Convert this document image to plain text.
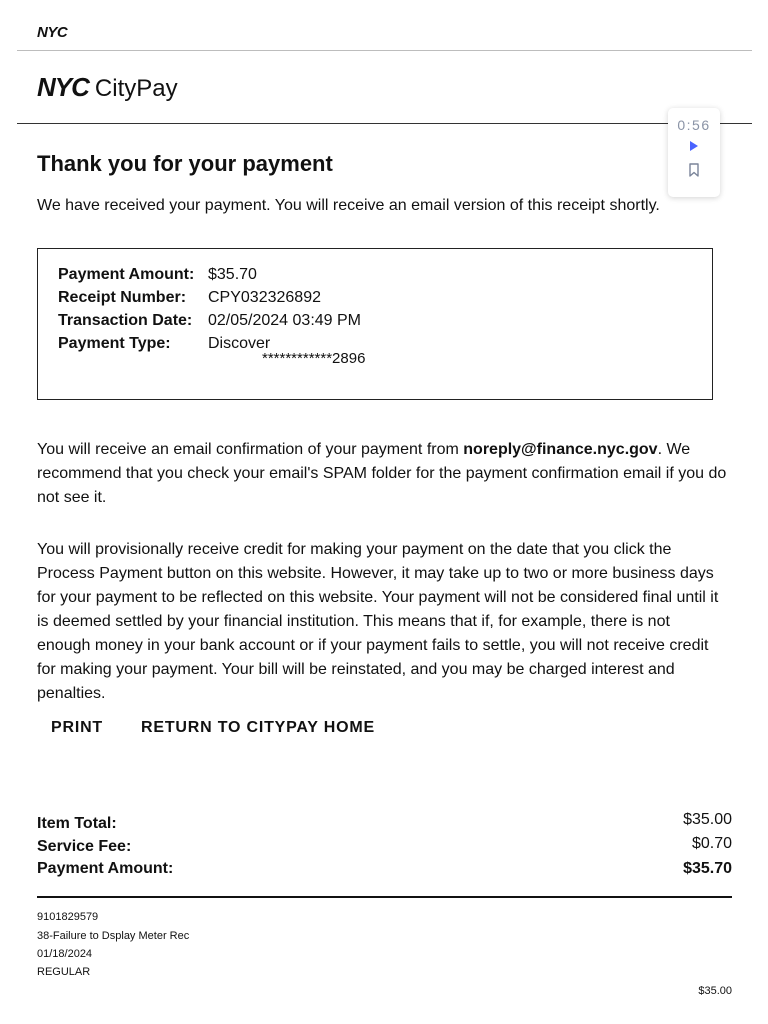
NYC
NYC CityPay
0:56
Thank you for your payment

We have received your payment. You will receive an email version of this receipt shortly.

Payment Amount: $35.70
Receipt Number: CPY032326892
Transaction Date: 02/05/2024 03:49 PM
Payment Type: Discover
************2896

You will receive an email confirmation of your payment from noreply@finance.nyc.gov. We recommend that you check your email's SPAM folder for the payment confirmation email if you do not see it.

You will provisionally receive credit for making your payment on the date that you click the Process Payment button on this website. However, it may take up to two or more business days for your payment to be reflected on this website. Your payment will not be considered final until it is deemed settled by your financial institution. This means that if, for example, there is not enough money in your bank account or if your payment fails to settle, you will not receive credit for making your payment. Your bill will be reinstated, and you may be charged interest and penalties.

PRINT RETURN TO CITYPAY HOME
Item Total:	$35.00
Service Fee:	$0.70
Payment Amount:	$35.70
9101829579
38-Failure to Dsplay Meter Rec
01/18/2024
REGULAR
$35.00
